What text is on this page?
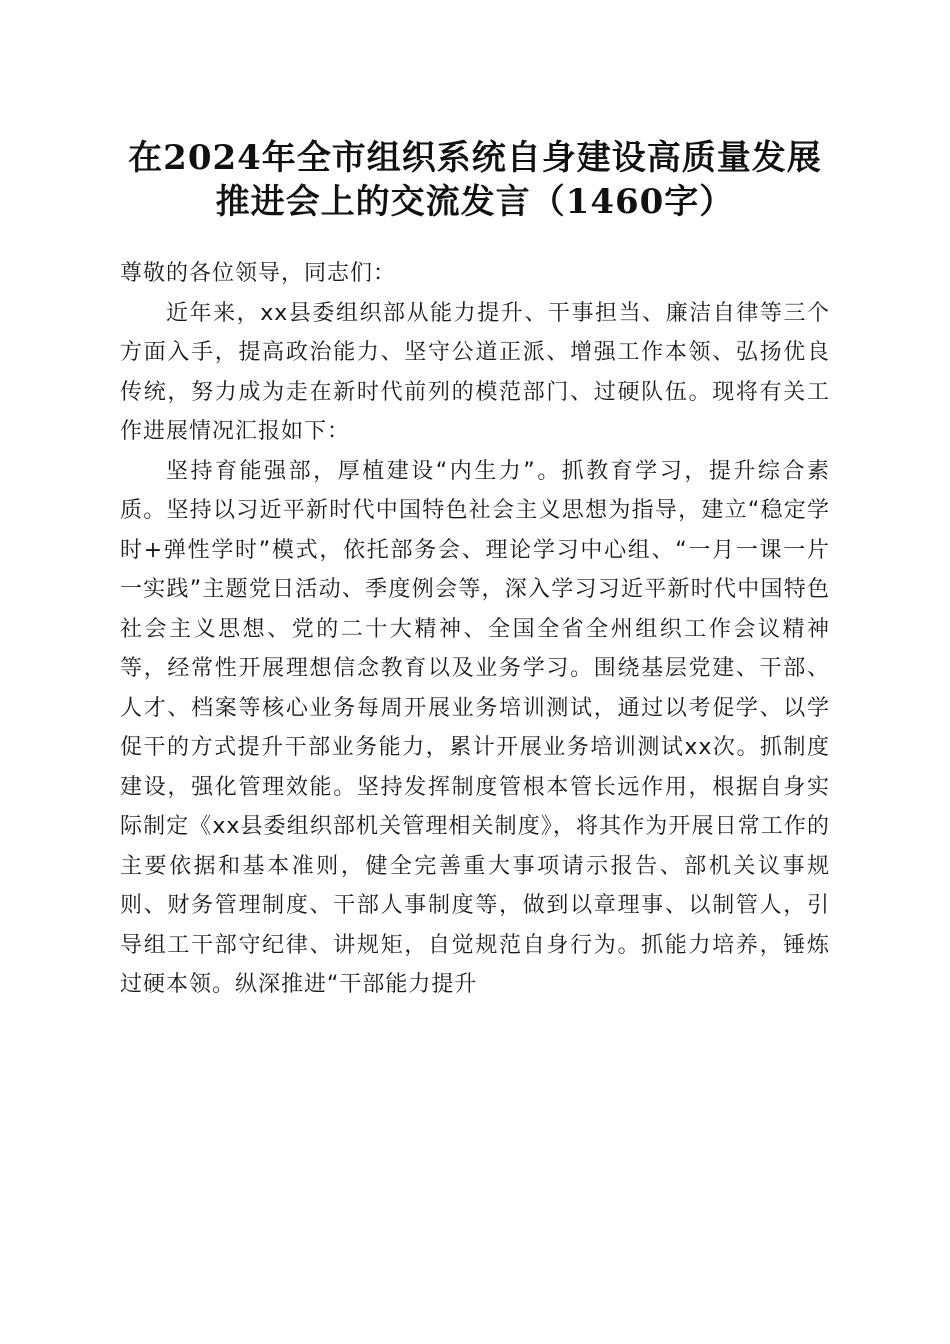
在2024年全市组织系统自身建设高质量发展
推进会上的交流发言（1460字）

尊敬的各位领导，同志们：

近年来，xx县委组织部从能力提升、干事担当、廉洁自律等三个方面入手，提高政治能力、坚守公道正派、增强工作本领、弘扬优良传统，努力成为走在新时代前列的模范部门、过硬队伍。现将有关工作进展情况汇报如下：

坚持育能强部，厚植建设“内生力”。抓教育学习，提升综合素质。坚持以习近平新时代中国特色社会主义思想为指导，建立“稳定学时+弹性学时”模式，依托部务会、理论学习中心组、“一月一课一片一实践”主题党日活动、季度例会等，深入学习习近平新时代中国特色社会主义思想、党的二十大精神、全国全省全州组织工作会议精神等，经常性开展理想信念教育以及业务学习。围绕基层党建、干部、人才、档案等核心业务每周开展业务培训测试，通过以考促学、以学促干的方式提升干部业务能力，累计开展业务培训测试xx次。抓制度建设，强化管理效能。坚持发挥制度管根本管长远作用，根据自身实际制定《xx县委组织部机关管理相关制度》，将其作为开展日常工作的主要依据和基本准则，健全完善重大事项请示报告、部机关议事规则、财务管理制度、干部人事制度等，做到以章理事、以制管人，引导组工干部守纪律、讲规矩，自觉规范自身行为。抓能力培养，锤炼过硬本领。纵深推进“干部能力提升
